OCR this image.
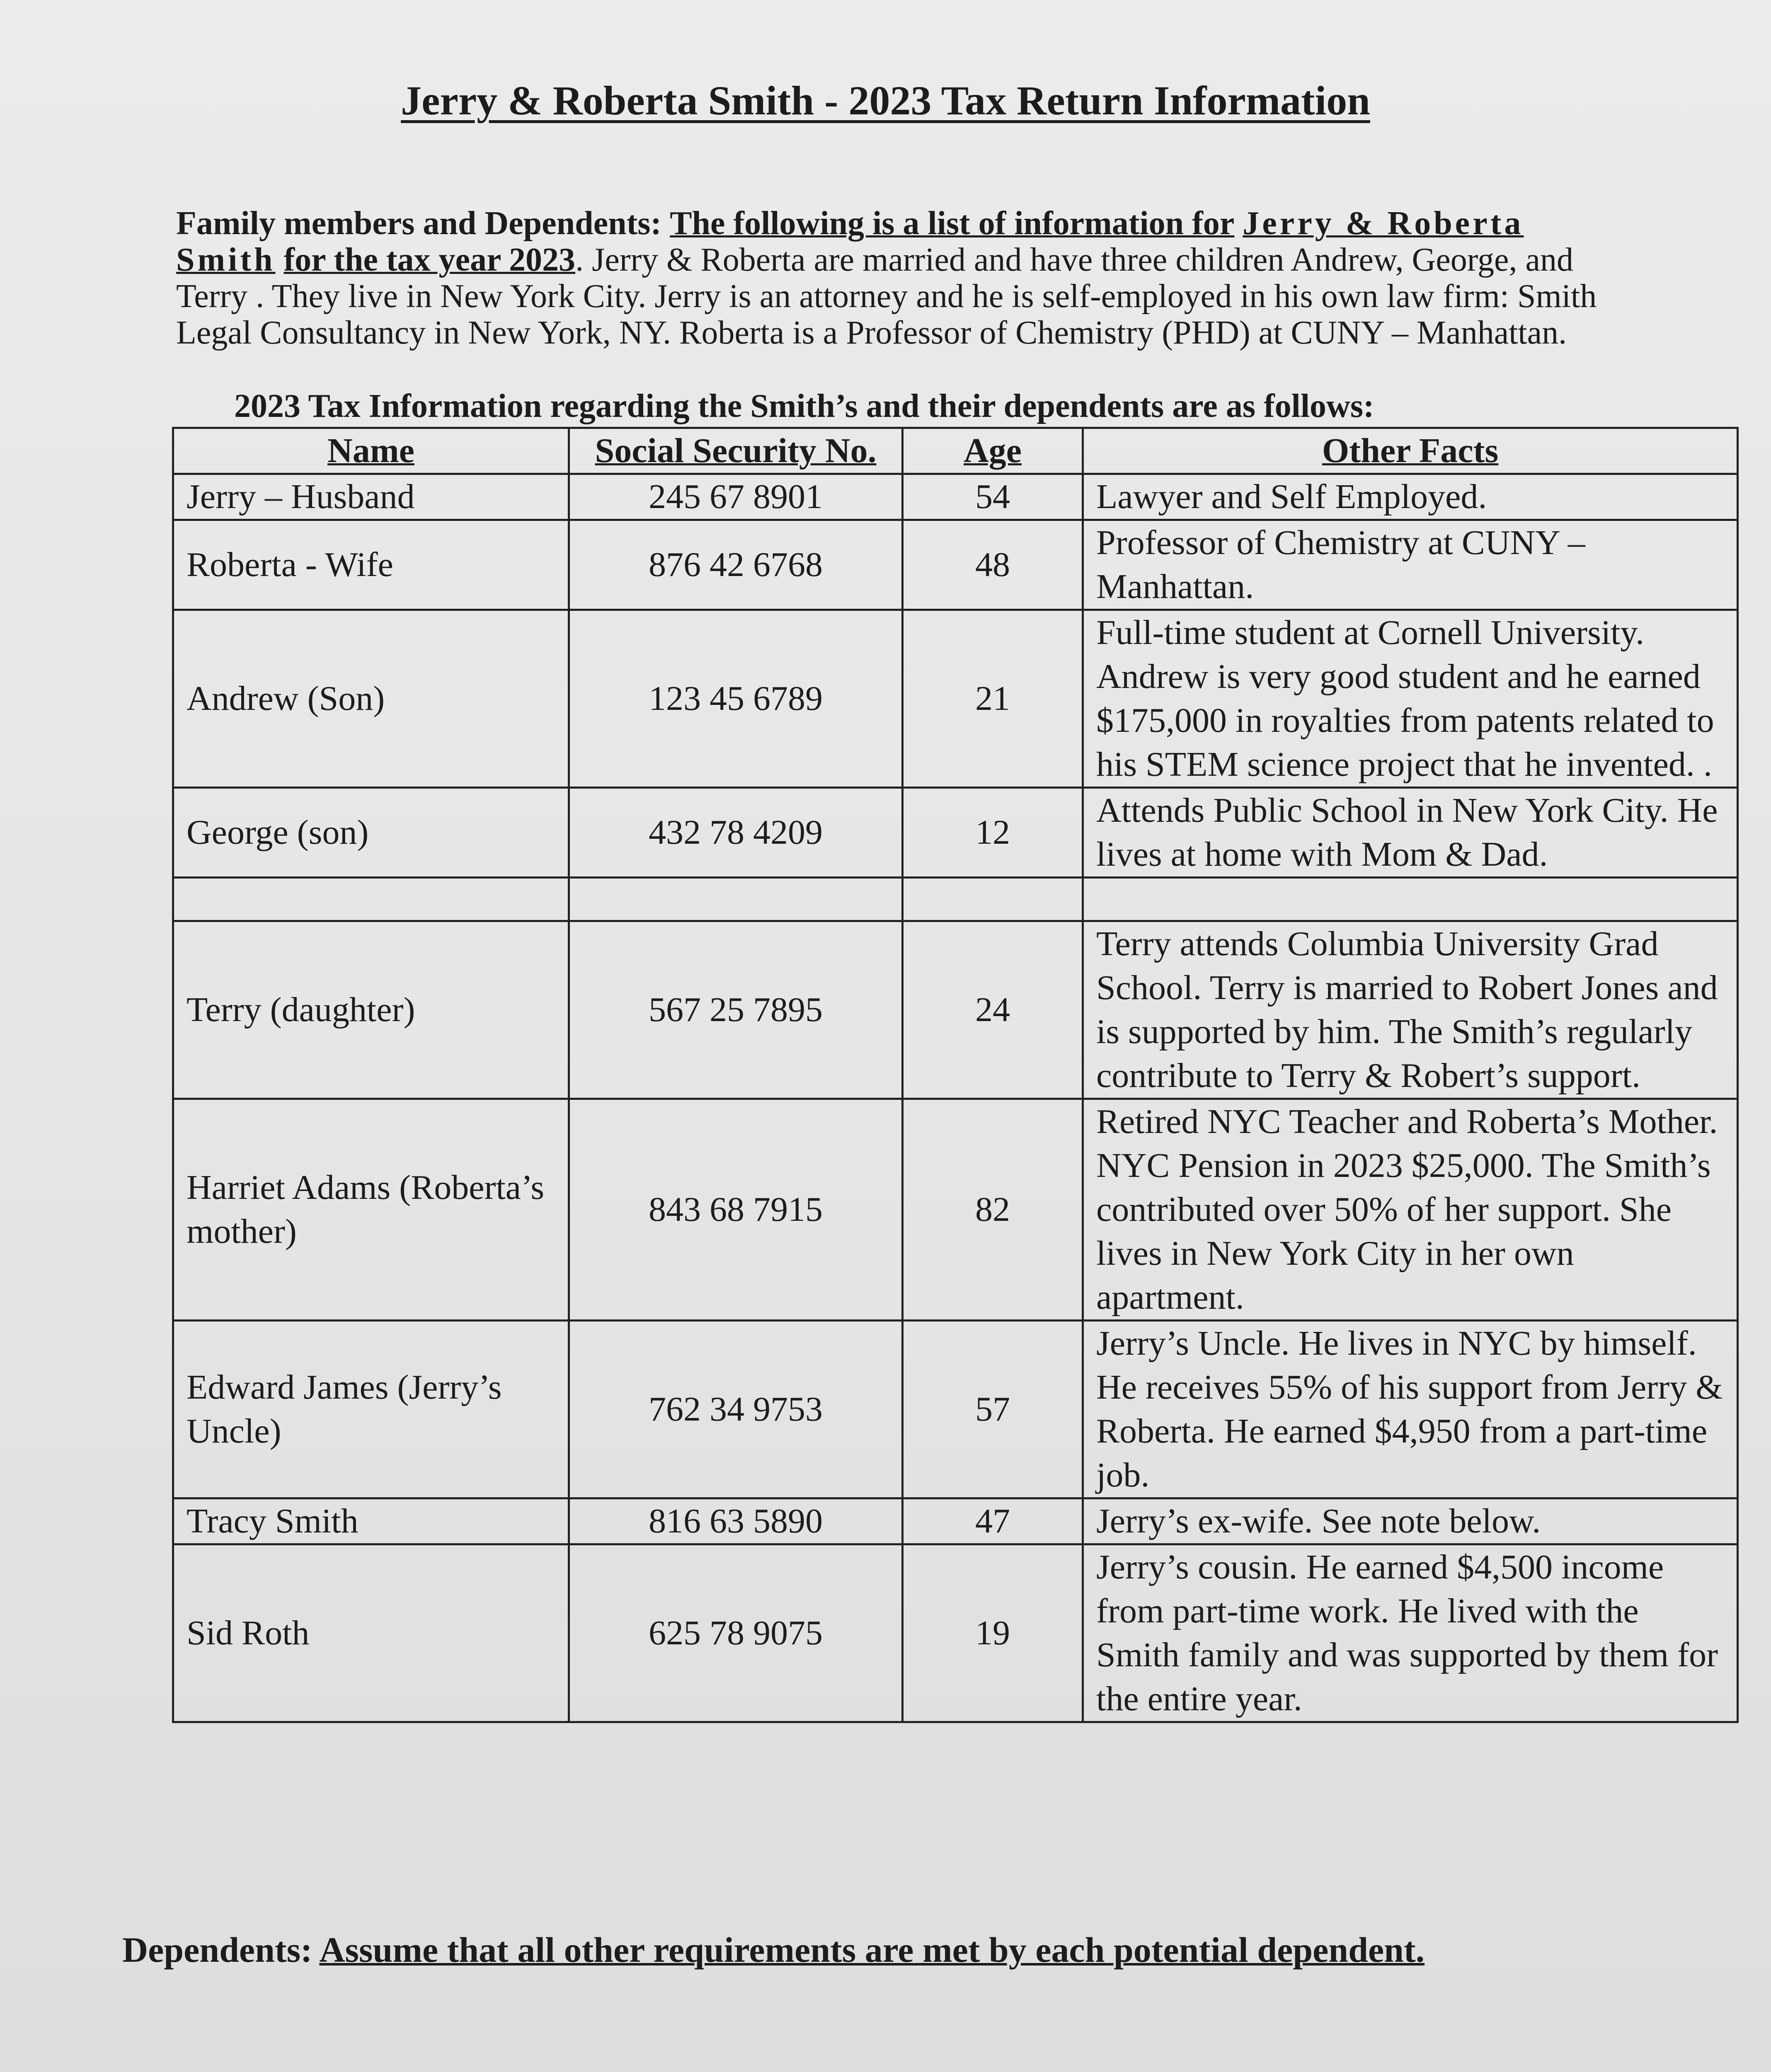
Jerry & Roberta Smith - 2023 Tax Return Information
Family members and Dependents: The following is a list of information for Jerry & Roberta Smith for the tax year 2023. Jerry & Roberta are married and have three children Andrew, George, and Terry . They live in New York City. Jerry is an attorney and he is self-employed in his own law firm: Smith Legal Consultancy in New York, NY. Roberta is a Professor of Chemistry (PHD) at CUNY – Manhattan.
2023 Tax Information regarding the Smith’s and their dependents are as follows:
Name	Social Security No.	Age	Other Facts
Jerry – Husband	245 67 8901	54	Lawyer and Self Employed.
Roberta - Wife	876 42 6768	48	Professor of Chemistry at CUNY – Manhattan.
Andrew (Son)	123 45 6789	21	Full-time student at Cornell University. Andrew is very good student and he earned $175,000 in royalties from patents related to his STEM science project that he invented. .
George (son)	432 78 4209	12	Attends Public School in New York City. He lives at home with Mom & Dad.

Terry (daughter)	567 25 7895	24	Terry attends Columbia University Grad School. Terry is married to Robert Jones and is supported by him. The Smith’s regularly contribute to Terry & Robert’s support.
Harriet Adams (Roberta’s mother)	843 68 7915	82	Retired NYC Teacher and Roberta’s Mother. NYC Pension in 2023 $25,000. The Smith’s contributed over 50% of her support. She lives in New York City in her own apartment.
Edward James (Jerry’s Uncle)	762 34 9753	57	Jerry’s Uncle. He lives in NYC by himself. He receives 55% of his support from Jerry & Roberta. He earned $4,950 from a part-time job.
Tracy Smith	816 63 5890	47	Jerry’s ex-wife. See note below.
Sid Roth	625 78 9075	19	Jerry’s cousin. He earned $4,500 income from part-time work. He lived with the Smith family and was supported by them for the entire year.
Dependents: Assume that all other requirements are met by each potential dependent.
